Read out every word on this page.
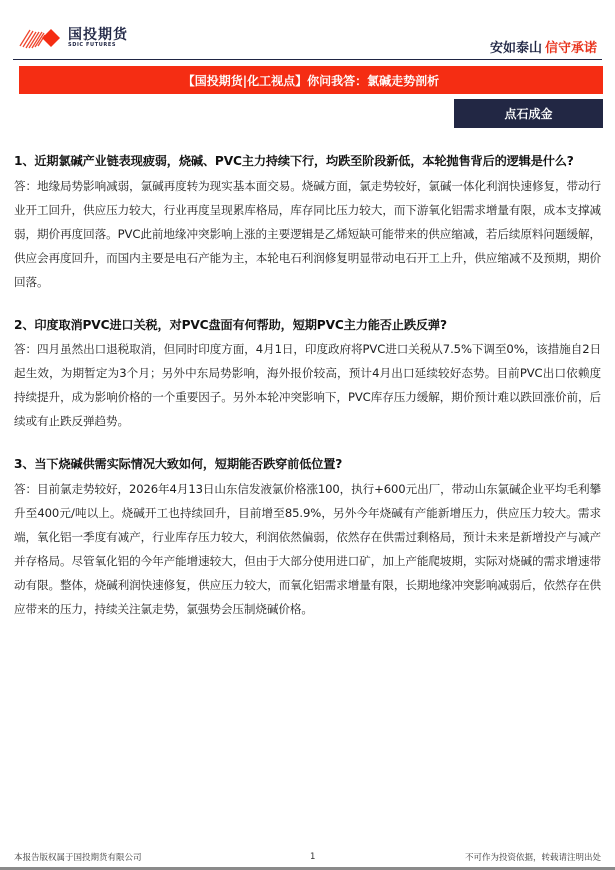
国投期货
SDIC FUTURES	安如泰山 信守承诺
【国投期货|化工视点】你问我答：氯碱走势剖析
点石成金

1、近期氯碱产业链表现疲弱，烧碱、PVC主力持续下行，均跌至阶段新低，本轮抛售背后的逻辑是什么?

答：地缘局势影响减弱，氯碱再度转为现实基本面交易。烧碱方面，氯走势较好，氯碱一体化利润快速修复，带动行业开工回升，供应压力较大，行业再度呈现累库格局，库存同比压力较大，而下游氧化铝需求增量有限，成本支撑减弱，期价再度回落。PVC此前地缘冲突影响上涨的主要逻辑是乙烯短缺可能带来的供应缩减，若后续原料问题缓解，供应会再度回升，而国内主要是电石产能为主，本轮电石利润修复明显带动电石开工上升，供应缩减不及预期，期价回落。

2、印度取消PVC进口关税，对PVC盘面有何帮助，短期PVC主力能否止跌反弹?

答：四月虽然出口退税取消，但同时印度方面，4月1日，印度政府将PVC进口关税从7.5%下调至0%，该措施自2日起生效，为期暂定为3个月；另外中东局势影响，海外报价较高，预计4月出口延续较好态势。目前PVC出口依赖度持续提升，成为影响价格的一个重要因子。另外本轮冲突影响下，PVC库存压力缓解，期价预计难以跌回涨价前，后续或有止跌反弹趋势。

3、当下烧碱供需实际情况大致如何，短期能否跌穿前低位置?

答：目前氯走势较好，2026年4月13日山东信发液氯价格涨100，执行+600元出厂，带动山东氯碱企业平均毛利攀升至400元/吨以上。烧碱开工也持续回升，目前增至85.9%，另外今年烧碱有产能新增压力，供应压力较大。需求端，氧化铝一季度有减产，行业库存压力较大，利润依然偏弱，依然存在供需过剩格局，预计未来是新增投产与减产并存格局。尽管氧化铝的今年产能增速较大，但由于大部分使用进口矿，加上产能爬坡期，实际对烧碱的需求增速带动有限。整体，烧碱利润快速修复，供应压力较大，而氧化铝需求增量有限，长期地缘冲突影响减弱后，依然存在供应带来的压力，持续关注氯走势，氯强势会压制烧碱价格。

本报告版权属于国投期货有限公司	1	不可作为投资依据，转载请注明出处
